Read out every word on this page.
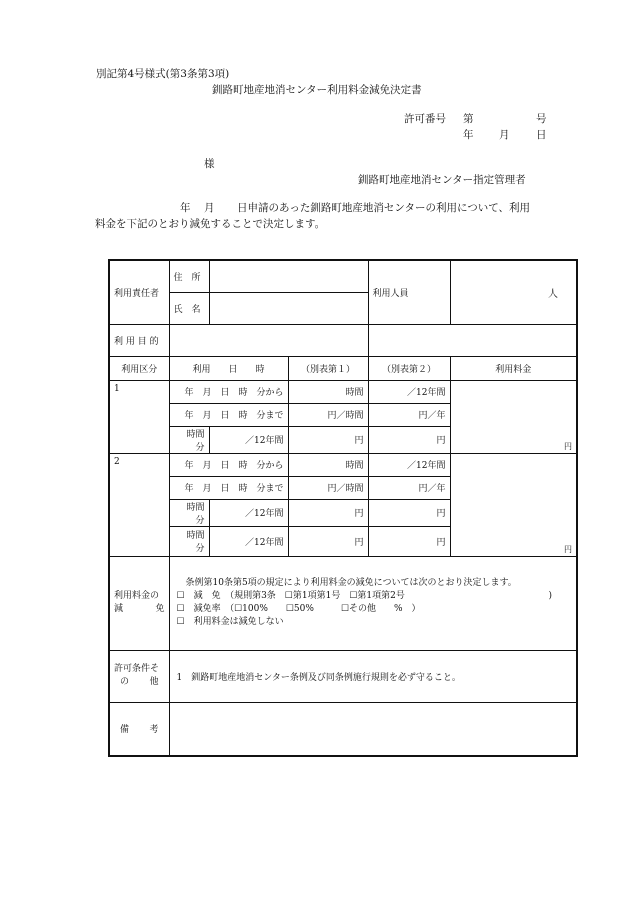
別記第4号様式(第3条第3項)
釧路町地産地消センター利用料金減免決定書
許可番号 第	号
年 月	日
様
釧路町地産地消センター指定管理者
年 月 日申請のあった釧路町地産地消センターの利用について、利用
料金を下記のとおり減免することで決定します。
利用責任者	住　所			利用人員	人
	氏　名				
利 用 目 的					
利用区分	利用　　日　　時		（別表第１）	（別表第２）	利用料金
1	年　月　日　時　分から		時間	／12年間	円
	年　月　日　時　分まで		円／時間	円／年	
	時間　分	／12年間	円	円	
2	年　月　日　時　分から		時間	／12年間	円
	年　月　日　時　分まで		円／時間	円／年	
	時間　分	／12年間	円	円	
	時間　分	／12年間	円	円	

利用料金の
減 免	条例第10条第5項の規定により利用料金の減免については次のとおり決定します。
☐　減　免　（規則第3条　☐第1項第1号　☐第1項第2号 )
☐　減免率　（☐100%　　☐50%　　　☐その他　　%　）
☐　利用料金は減免しない				

許可条件そ
の 他	1　釧路町地産地消センター条例及び同条例施行規則を必ず守ること。				

備 考					
